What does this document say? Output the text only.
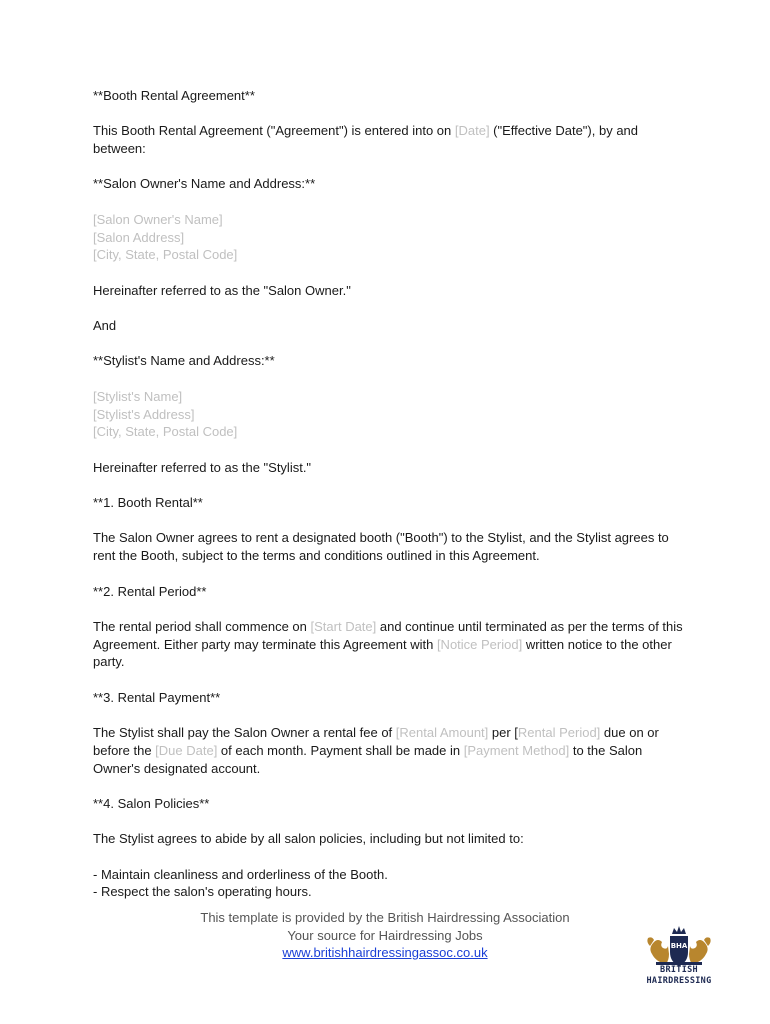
**Booth Rental Agreement**

This Booth Rental Agreement ("Agreement") is entered into on [Date] ("Effective Date"), by and between:

**Salon Owner's Name and Address:**

[Salon Owner's Name]
[Salon Address]
[City, State, Postal Code]

Hereinafter referred to as the "Salon Owner."

And

**Stylist's Name and Address:**

[Stylist's Name]
[Stylist's Address]
[City, State, Postal Code]

Hereinafter referred to as the "Stylist."

**1. Booth Rental**

The Salon Owner agrees to rent a designated booth ("Booth") to the Stylist, and the Stylist agrees to rent the Booth, subject to the terms and conditions outlined in this Agreement.

**2. Rental Period**

The rental period shall commence on [Start Date] and continue until terminated as per the terms of this Agreement. Either party may terminate this Agreement with [Notice Period] written notice to the other party.

**3. Rental Payment**

The Stylist shall pay the Salon Owner a rental fee of [Rental Amount] per [Rental Period] due on or before the [Due Date] of each month. Payment shall be made in [Payment Method] to the Salon Owner's designated account.

**4. Salon Policies**

The Stylist agrees to abide by all salon policies, including but not limited to:

- Maintain cleanliness and orderliness of the Booth.
- Respect the salon's operating hours.

This template is provided by the British Hairdressing Association
Your source for Hairdressing Jobs
www.britishhairdressingassoc.co.uk	BHA
BRITISH
HAIRDRESSING
